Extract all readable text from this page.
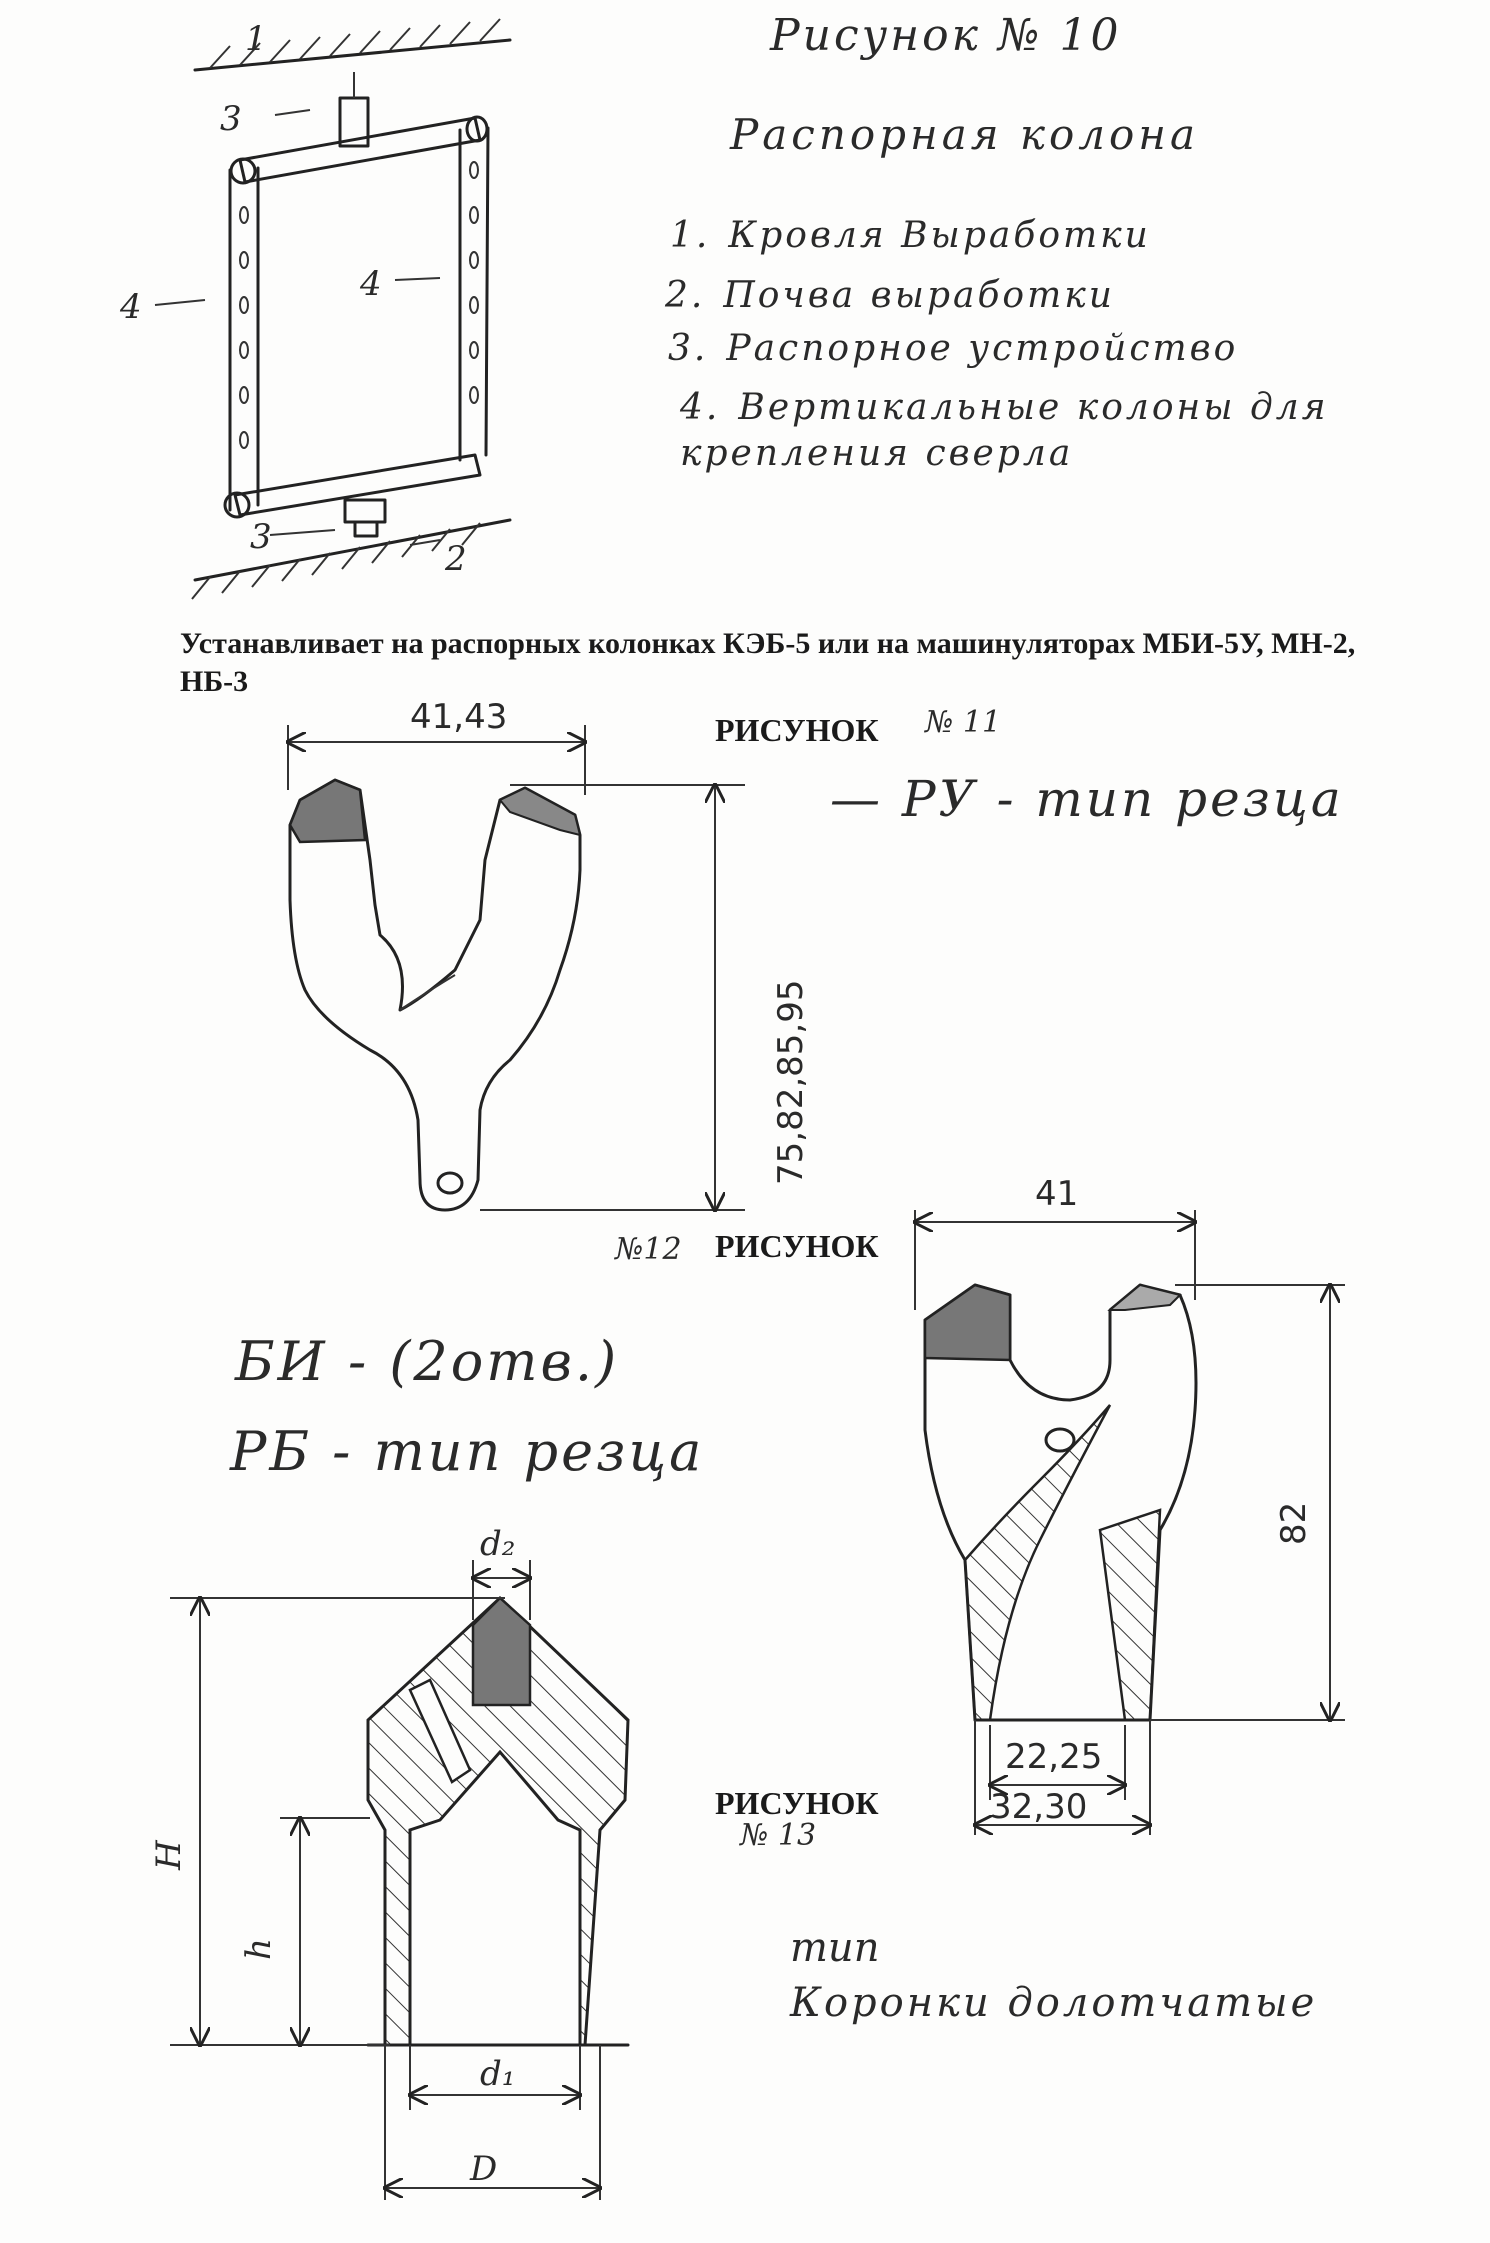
Рисунок № 10
Распорная колона
1. Кровля Выработки
2. Почва выработки
3. Распорное устройство
4. Вертикальные колоны для крепления сверла
Устанавливает на распорных колонках КЭБ-5 или на машинуляторах МБИ-5У, МН-2, НБ-3
РИСУНОК № 11
— РУ - тип резца
№12 РИСУНОК
БИ - (2отв.)
РБ - тип резца
РИСУНОК
№ 13
тип
Коронки долотчатые
1
3
4
4
3
2
41,43
75,82,85,95
41
82
22,25
32,30
d₂
H
h
d₁
D
